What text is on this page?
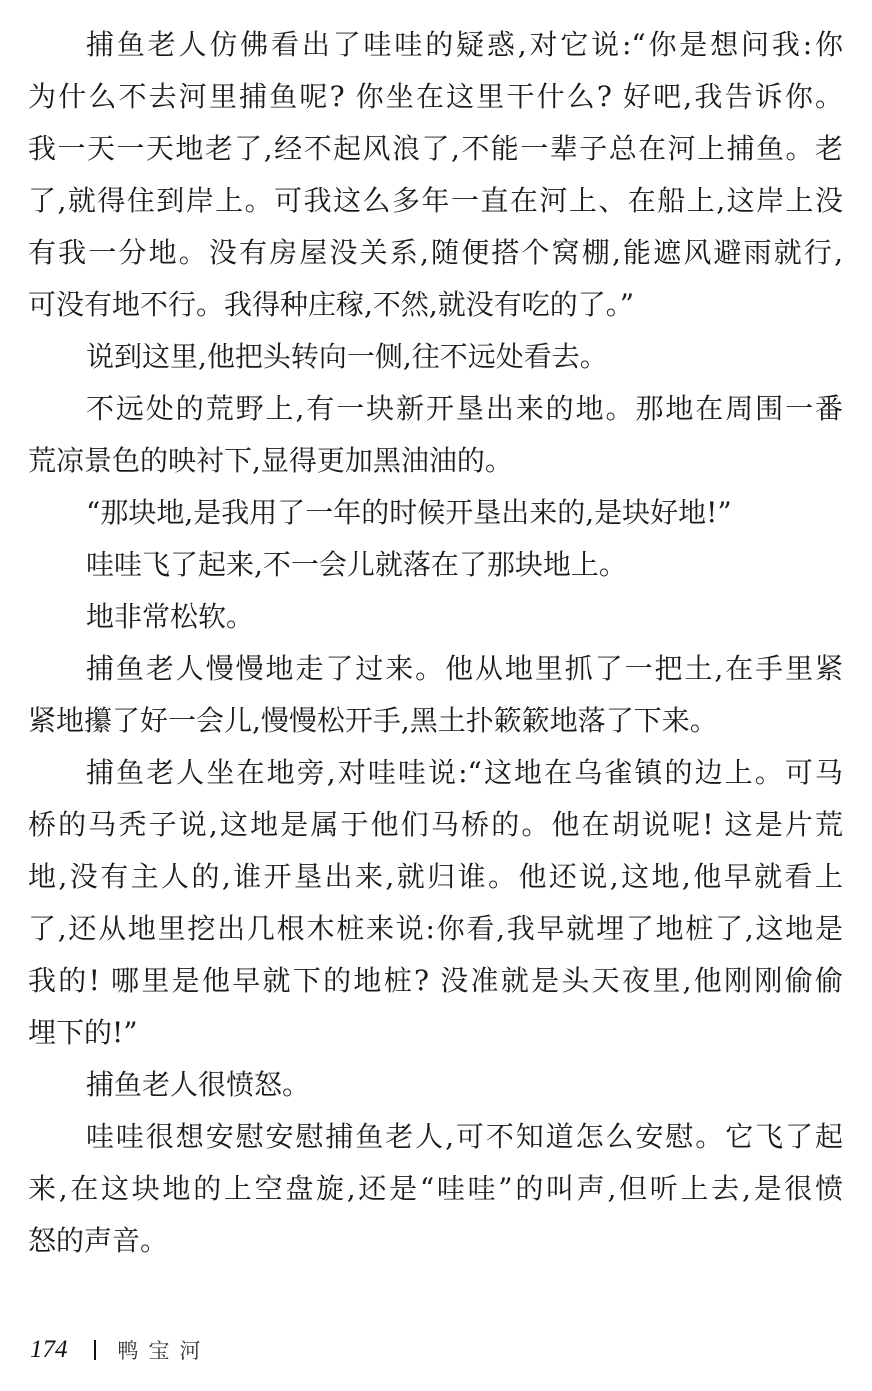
捕鱼老人仿佛看出了哇哇的疑惑,对它说:“你是想问我:你
为什么不去河里捕鱼呢? 你坐在这里干什么? 好吧,我告诉你。
我一天一天地老了,经不起风浪了,不能一辈子总在河上捕鱼。老
了,就得住到岸上。可我这么多年一直在河上、在船上,这岸上没
有我一分地。没有房屋没关系,随便搭个窝棚,能遮风避雨就行,
可没有地不行。我得种庄稼,不然,就没有吃的了。”
说到这里,他把头转向一侧,往不远处看去。
不远处的荒野上,有一块新开垦出来的地。那地在周围一番
荒凉景色的映衬下,显得更加黑油油的。
“那块地,是我用了一年的时候开垦出来的,是块好地!”
哇哇飞了起来,不一会儿就落在了那块地上。
地非常松软。
捕鱼老人慢慢地走了过来。他从地里抓了一把土,在手里紧
紧地攥了好一会儿,慢慢松开手,黑土扑簌簌地落了下来。
捕鱼老人坐在地旁,对哇哇说:“这地在乌雀镇的边上。可马
桥的马秃子说,这地是属于他们马桥的。他在胡说呢! 这是片荒
地,没有主人的,谁开垦出来,就归谁。他还说,这地,他早就看上
了,还从地里挖出几根木桩来说:你看,我早就埋了地桩了,这地是
我的! 哪里是他早就下的地桩? 没准就是头天夜里,他刚刚偷偷
埋下的!”
捕鱼老人很愤怒。
哇哇很想安慰安慰捕鱼老人,可不知道怎么安慰。它飞了起
来,在这块地的上空盘旋,还是“哇哇”的叫声,但听上去,是很愤
怒的声音。
174 鸭宝河
